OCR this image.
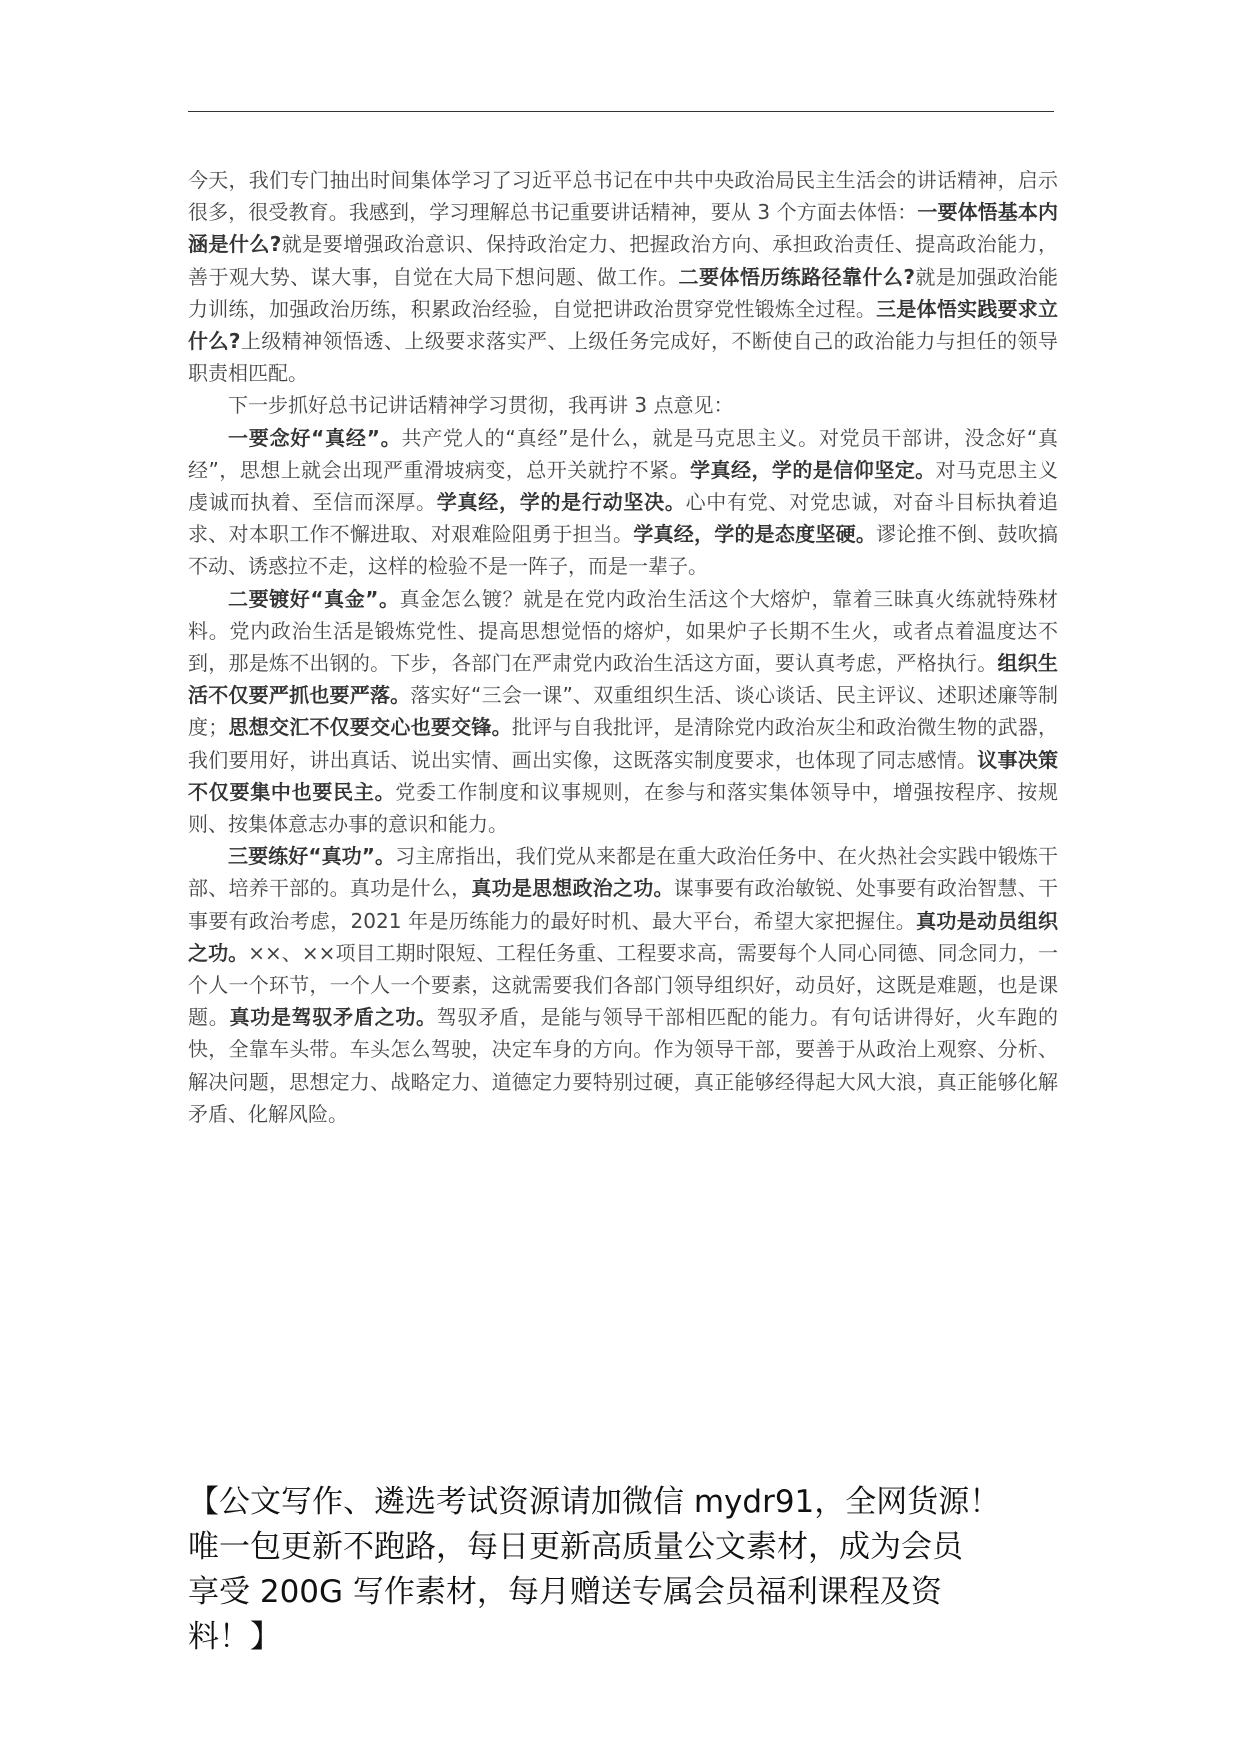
今天，我们专门抽出时间集体学习了习近平总书记在中共中央政治局民主生活会的讲话精神，启示很多，很受教育。我感到，学习理解总书记重要讲话精神，要从 3 个方面去体悟：一要体悟基本内涵是什么?就是要增强政治意识、保持政治定力、把握政治方向、承担政治责任、提高政治能力，善于观大势、谋大事，自觉在大局下想问题、做工作。二要体悟历练路径靠什么?就是加强政治能力训练，加强政治历练，积累政治经验，自觉把讲政治贯穿党性锻炼全过程。三是体悟实践要求立什么?上级精神领悟透、上级要求落实严、上级任务完成好，不断使自己的政治能力与担任的领导职责相匹配。

下一步抓好总书记讲话精神学习贯彻，我再讲 3 点意见：

一要念好“真经”。共产党人的“真经”是什么，就是马克思主义。对党员干部讲，没念好“真经”，思想上就会出现严重滑坡病变，总开关就拧不紧。学真经，学的是信仰坚定。对马克思主义虔诚而执着、至信而深厚。学真经，学的是行动坚决。心中有党、对党忠诚，对奋斗目标执着追求、对本职工作不懈进取、对艰难险阻勇于担当。学真经，学的是态度坚硬。谬论推不倒、鼓吹搞不动、诱惑拉不走，这样的检验不是一阵子，而是一辈子。

二要镀好“真金”。真金怎么镀？就是在党内政治生活这个大熔炉，靠着三昧真火练就特殊材料。党内政治生活是锻炼党性、提高思想觉悟的熔炉，如果炉子长期不生火，或者点着温度达不到，那是炼不出钢的。下步，各部门在严肃党内政治生活这方面，要认真考虑，严格执行。组织生活不仅要严抓也要严落。落实好“三会一课”、双重组织生活、谈心谈话、民主评议、述职述廉等制度；思想交汇不仅要交心也要交锋。批评与自我批评，是清除党内政治灰尘和政治微生物的武器，我们要用好，讲出真话、说出实情、画出实像，这既落实制度要求，也体现了同志感情。议事决策不仅要集中也要民主。党委工作制度和议事规则，在参与和落实集体领导中，增强按程序、按规则、按集体意志办事的意识和能力。

三要练好“真功”。习主席指出，我们党从来都是在重大政治任务中、在火热社会实践中锻炼干部、培养干部的。真功是什么，真功是思想政治之功。谋事要有政治敏锐、处事要有政治智慧、干事要有政治考虑，2021 年是历练能力的最好时机、最大平台，希望大家把握住。真功是动员组织之功。××、××项目工期时限短、工程任务重、工程要求高，需要每个人同心同德、同念同力，一个人一个环节，一个人一个要素，这就需要我们各部门领导组织好，动员好，这既是难题，也是课题。真功是驾驭矛盾之功。驾驭矛盾，是能与领导干部相匹配的能力。有句话讲得好，火车跑的快，全靠车头带。车头怎么驾驶，决定车身的方向。作为领导干部，要善于从政治上观察、分析、解决问题，思想定力、战略定力、道德定力要特别过硬，真正能够经得起大风大浪，真正能够化解矛盾、化解风险。

【公文写作、遴选考试资源请加微信 mydr91，全网货源！
唯一包更新不跑路，每日更新高质量公文素材，成为会员
享受 200G 写作素材，每月赠送专属会员福利课程及资
料！】
